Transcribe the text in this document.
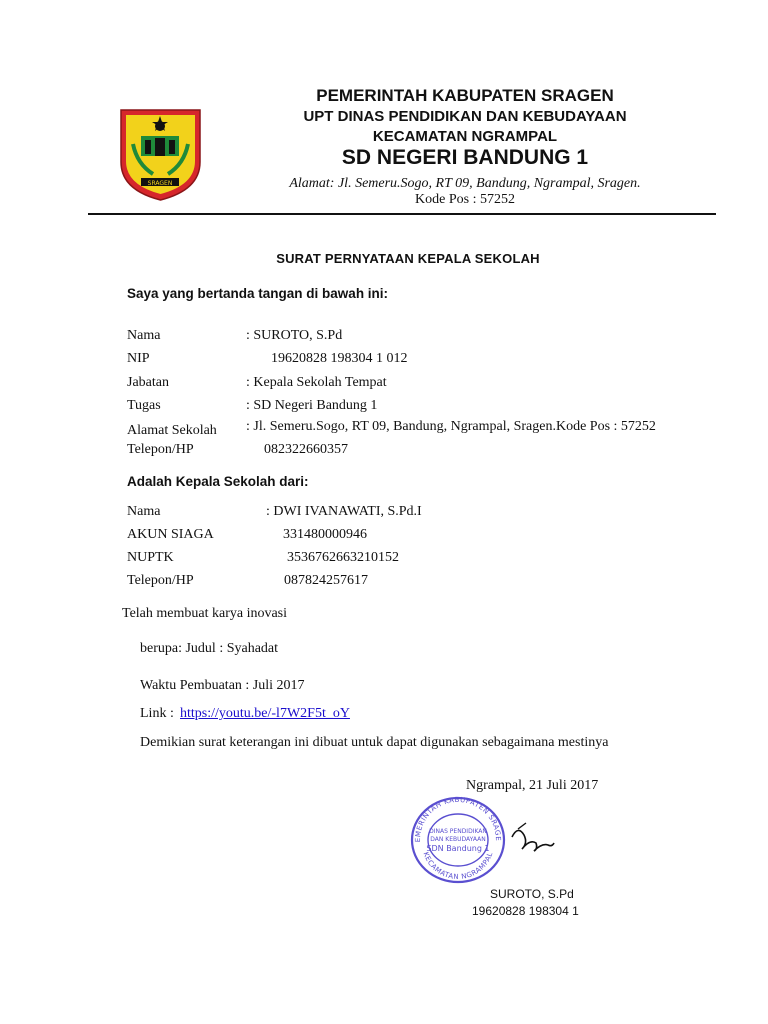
SRAGEN
PEMERINTAH KABUPATEN SRAGEN
UPT DINAS PENDIDIKAN DAN KEBUDAYAAN
KECAMATAN NGRAMPAL
SD NEGERI BANDUNG 1
Alamat: Jl. Semeru.Sogo, RT 09, Bandung, Ngrampal, Sragen.
Kode Pos : 57252
SURAT PERNYATAAN KEPALA SEKOLAH
Saya yang bertanda tangan di bawah ini:
Nama	: SUROTO, S.Pd
NIP	19620828 198304 1 012
Jabatan	: Kepala Sekolah Tempat
Tugas	: SD Negeri Bandung 1
Alamat Sekolah : Jl. Semeru.Sogo, RT 09, Bandung, Ngrampal, Sragen.Kode Pos : 57252
Telepon/HP	082322660357
Adalah Kepala Sekolah dari:
Nama	: DWI IVANAWATI, S.Pd.I
AKUN SIAGA	331480000946
NUPTK	3536762663210152
Telepon/HP	087824257617
Telah membuat karya inovasi
berupa: Judul : Syahadat
Waktu Pembuatan : Juli 2017
Link : https://youtu.be/-l7W2F5t_oY
Demikian surat keterangan ini dibuat untuk dapat digunakan sebagaimana mestinya
Ngrampal, 21 Juli 2017
EMERINTAH KABUPATEN SRAGE
KECAMATAN NGRAMPAL
DINAS PENDIDIKAN
DAN KEBUDAYAAN
SDN Bandung 1
SUROTO, S.Pd
19620828 198304 1
